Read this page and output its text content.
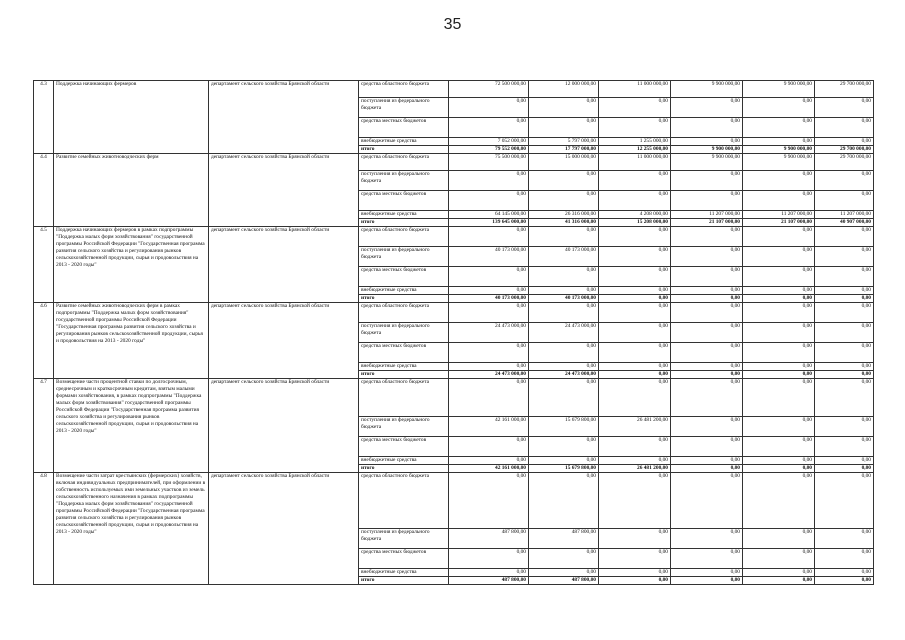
35
4.3	Поддержка начинающих фермеров	департамент сельского хозяйства Брянской области	средства областного бюджета	72 500 000,00	12 000 000,00	11 000 000,00	9 900 000,00	9 900 000,00	29 700 000,00
			поступления из федерального бюджета	0,00	0,00	0,00	0,00	0,00	0,00
			средства местных бюджетов	0,00	0,00	0,00	0,00	0,00	0,00
			внебюджетные средства	7 052 000,00	5 797 000,00	1 255 000,00	0,00	0,00	0,00
			итого	79 552 000,00	17 797 000,00	12 255 000,00	9 900 000,00	9 900 000,00	29 700 000,00
4.4	Развитие семейных животноводческих ферм	департамент сельского хозяйства Брянской области	средства областного бюджета	75 500 000,00	15 000 000,00	11 000 000,00	9 900 000,00	9 900 000,00	29 700 000,00
			поступления из федерального бюджета	0,00	0,00	0,00	0,00	0,00	0,00
			средства местных бюджетов	0,00	0,00	0,00	0,00	0,00	0,00
			внебюджетные средства	64 145 000,00	26 316 000,00	4 208 000,00	11 207 000,00	11 207 000,00	11 207 000,00
			итого	139 645 000,00	41 316 000,00	15 208 000,00	21 107 000,00	21 107 000,00	40 907 000,00
4.5	Поддержка начинающих фермеров в рамках подпрограммы "Поддержка малых форм хозяйствования" государственной программы Российской Федерации "Государственная программа развития сельского хозяйства и регулирования рынков сельскохозяйственной продукции, сырья и продовольствия на 2013 - 2020 годы"	департамент сельского хозяйства Брянской области	средства областного бюджета	0,00	0,00	0,00	0,00	0,00	0,00
			поступления из федерального бюджета	40 173 000,00	40 173 000,00	0,00	0,00	0,00	0,00
			средства местных бюджетов	0,00	0,00	0,00	0,00	0,00	0,00
			внебюджетные средства	0,00	0,00	0,00	0,00	0,00	0,00
			итого	40 173 000,00	40 173 000,00	0,00	0,00	0,00	0,00
4.6	Развитие семейных животноводческих ферм в рамках подпрограммы "Поддержка малых форм хозяйствования" государственной программы Российской Федерации "Государственная программа развития сельского хозяйства и регулирования рынков сельскохозяйственной продукции, сырья и продовольствия на 2013 - 2020 годы"	департамент сельского хозяйства Брянской области	средства областного бюджета	0,00	0,00	0,00	0,00	0,00	0,00
			поступления из федерального бюджета	24 473 000,00	24 473 000,00	0,00	0,00	0,00	0,00
			средства местных бюджетов	0,00	0,00	0,00	0,00	0,00	0,00
			внебюджетные средства	0,00	0,00	0,00	0,00	0,00	0,00
			итого	24 473 000,00	24 473 000,00	0,00	0,00	0,00	0,00
4.7	Возмещение части процентной ставки по долгосрочным, среднесрочным и краткосрочным кредитам, взятым малыми формами хозяйствования, в рамках подпрограммы "Поддержка малых форм хозяйствования" государственной программы Российской Федерации "Государственная программа развития сельского хозяйства и регулирования рынков сельскохозяйственной продукции, сырья и продовольствия на 2013 - 2020 годы"	департамент сельского хозяйства Брянской области	средства областного бюджета	0,00	0,00	0,00	0,00	0,00	0,00
			поступления из федерального бюджета	42 161 000,00	15 679 800,00	26 481 200,00	0,00	0,00	0,00
			средства местных бюджетов	0,00	0,00	0,00	0,00	0,00	0,00
			внебюджетные средства	0,00	0,00	0,00	0,00	0,00	0,00
			итого	42 161 000,00	15 679 800,00	26 481 200,00	0,00	0,00	0,00
4.8	Возмещение части затрат крестьянских (фермерских) хозяйств, включая индивидуальных предпринимателей, при оформлении в собственность используемых ими земельных участков из земель сельскохозяйственного назначения в рамках подпрограммы "Поддержка малых форм хозяйствования" государственной программы Российской Федерации "Государственная программа развития сельского хозяйства и регулирования рынков сельскохозяйственной продукции, сырья и продовольствия на 2013 - 2020 годы"	департамент сельского хозяйства Брянской области	средства областного бюджета	0,00	0,00	0,00	0,00	0,00	0,00
			поступления из федерального бюджета	487 800,00	487 800,00	0,00	0,00	0,00	0,00
			средства местных бюджетов	0,00	0,00	0,00	0,00	0,00	0,00
			внебюджетные средства	0,00	0,00	0,00	0,00	0,00	0,00
			итого	487 800,00	487 800,00	0,00	0,00	0,00	0,00
